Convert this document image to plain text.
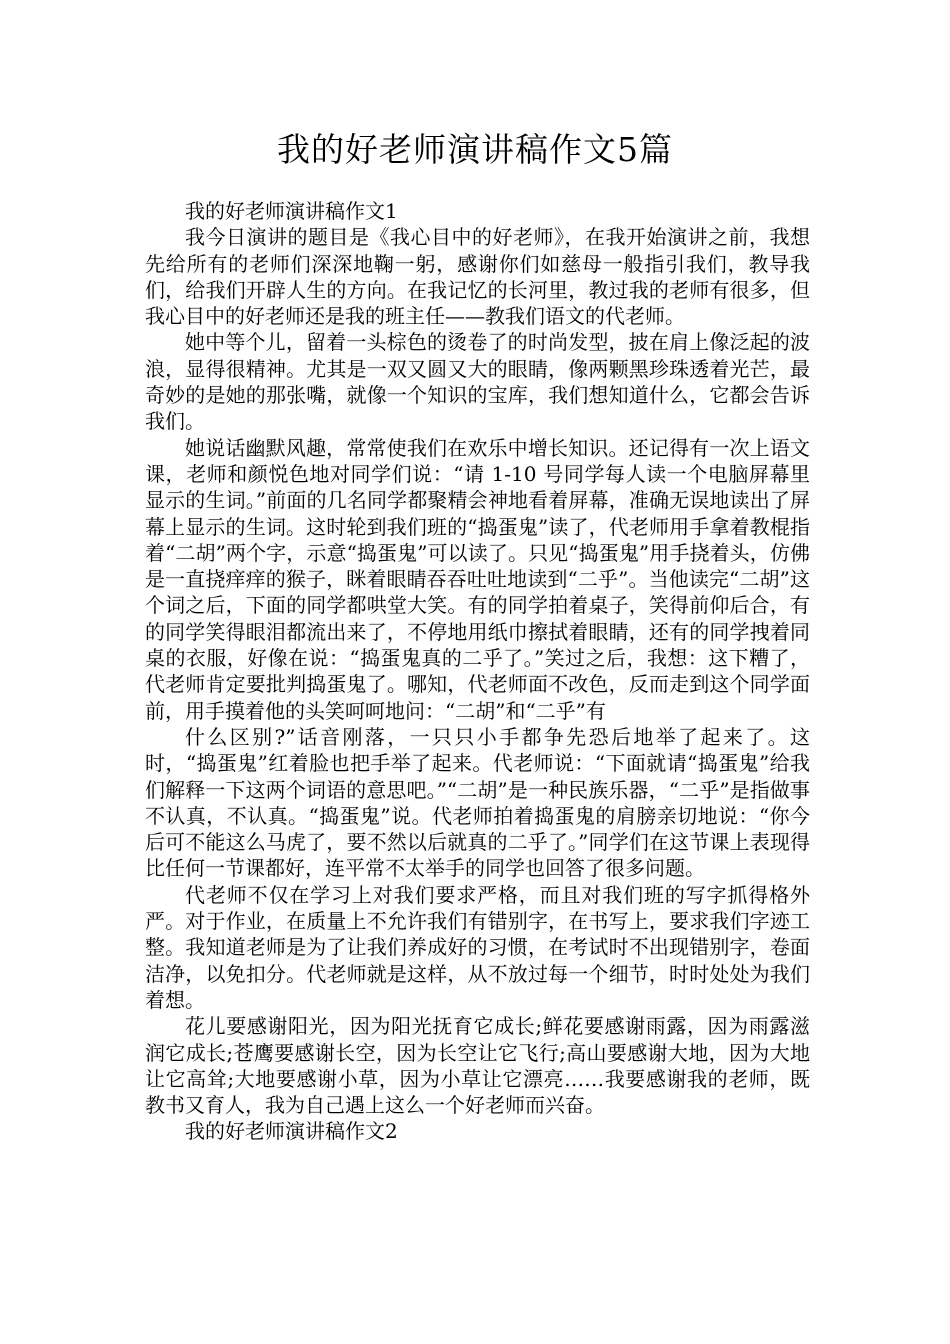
我的好老师演讲稿作文5篇

我的好老师演讲稿作文1

我今日演讲的题目是《我心目中的好老师》，在我开始演讲之前，我想先给所有的老师们深深地鞠一躬，感谢你们如慈母一般指引我们，教导我们，给我们开辟人生的方向。在我记忆的长河里，教过我的老师有很多，但我心目中的好老师还是我的班主任——教我们语文的代老师。

她中等个儿，留着一头棕色的烫卷了的时尚发型，披在肩上像泛起的波浪，显得很精神。尤其是一双又圆又大的眼睛，像两颗黑珍珠透着光芒，最奇妙的是她的那张嘴，就像一个知识的宝库，我们想知道什么，它都会告诉我们。

她说话幽默风趣，常常使我们在欢乐中增长知识。还记得有一次上语文课，老师和颜悦色地对同学们说：“请 1-10 号同学每人读一个电脑屏幕里显示的生词。”前面的几名同学都聚精会神地看着屏幕，准确无误地读出了屏幕上显示的生词。这时轮到我们班的“捣蛋鬼”读了，代老师用手拿着教棍指着“二胡”两个字，示意“捣蛋鬼”可以读了。只见“捣蛋鬼”用手挠着头，仿佛是一直挠痒痒的猴子，眯着眼睛吞吞吐吐地读到“二乎”。当他读完“二胡”这个词之后，下面的同学都哄堂大笑。有的同学拍着桌子，笑得前仰后合，有的同学笑得眼泪都流出来了，不停地用纸巾擦拭着眼睛，还有的同学拽着同桌的衣服，好像在说：“捣蛋鬼真的二乎了。”笑过之后，我想：这下糟了，代老师肯定要批判捣蛋鬼了。哪知，代老师面不改色，反而走到这个同学面前，用手摸着他的头笑呵呵地问：“二胡”和“二乎”有

什么区别?”话音刚落，一只只小手都争先恐后地举了起来了。这时，“捣蛋鬼”红着脸也把手举了起来。代老师说：“下面就请“捣蛋鬼”给我们解释一下这两个词语的意思吧。”“二胡”是一种民族乐器，“二乎”是指做事不认真，不认真。“捣蛋鬼”说。代老师拍着捣蛋鬼的肩膀亲切地说：“你今后可不能这么马虎了，要不然以后就真的二乎了。”同学们在这节课上表现得比任何一节课都好，连平常不太举手的同学也回答了很多问题。

代老师不仅在学习上对我们要求严格，而且对我们班的写字抓得格外严。对于作业，在质量上不允许我们有错别字，在书写上，要求我们字迹工整。我知道老师是为了让我们养成好的习惯，在考试时不出现错别字，卷面洁净，以免扣分。代老师就是这样，从不放过每一个细节，时时处处为我们着想。

花儿要感谢阳光，因为阳光抚育它成长;鲜花要感谢雨露，因为雨露滋润它成长;苍鹰要感谢长空，因为长空让它飞行;高山要感谢大地，因为大地让它高耸;大地要感谢小草，因为小草让它漂亮……我要感谢我的老师，既教书又育人，我为自己遇上这么一个好老师而兴奋。

我的好老师演讲稿作文2
